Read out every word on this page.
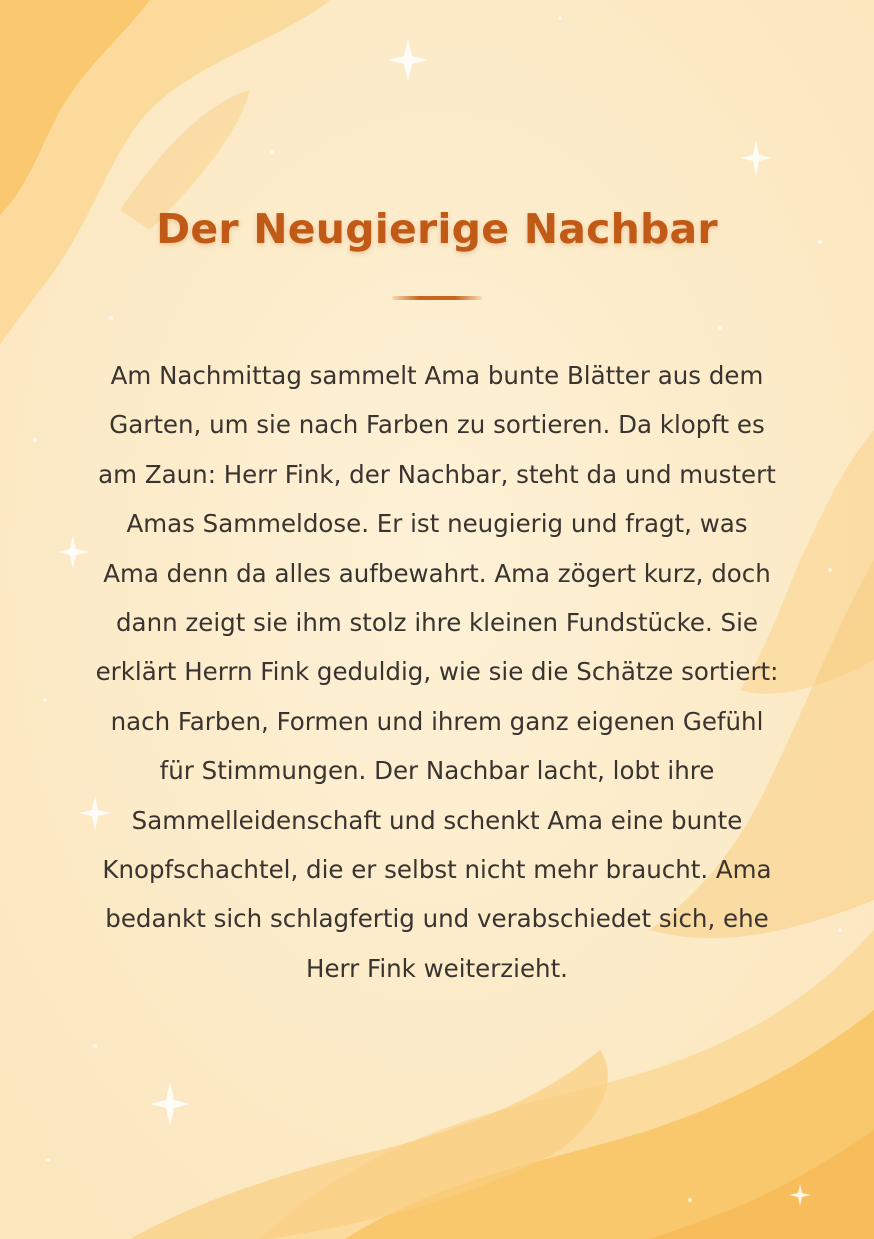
Der Neugierige Nachbar

Am Nachmittag sammelt Ama bunte Blätter aus dem Garten, um sie nach Farben zu sortieren. Da klopft es am Zaun: Herr Fink, der Nachbar, steht da und mustert Amas Sammeldose. Er ist neugierig und fragt, was Ama denn da alles aufbewahrt. Ama zögert kurz, doch dann zeigt sie ihm stolz ihre kleinen Fundstücke. Sie erklärt Herrn Fink geduldig, wie sie die Schätze sortiert: nach Farben, Formen und ihrem ganz eigenen Gefühl für Stimmungen. Der Nachbar lacht, lobt ihre Sammelleidenschaft und schenkt Ama eine bunte Knopfschachtel, die er selbst nicht mehr braucht. Ama bedankt sich schlagfertig und verabschiedet sich, ehe Herr Fink weiterzieht.
